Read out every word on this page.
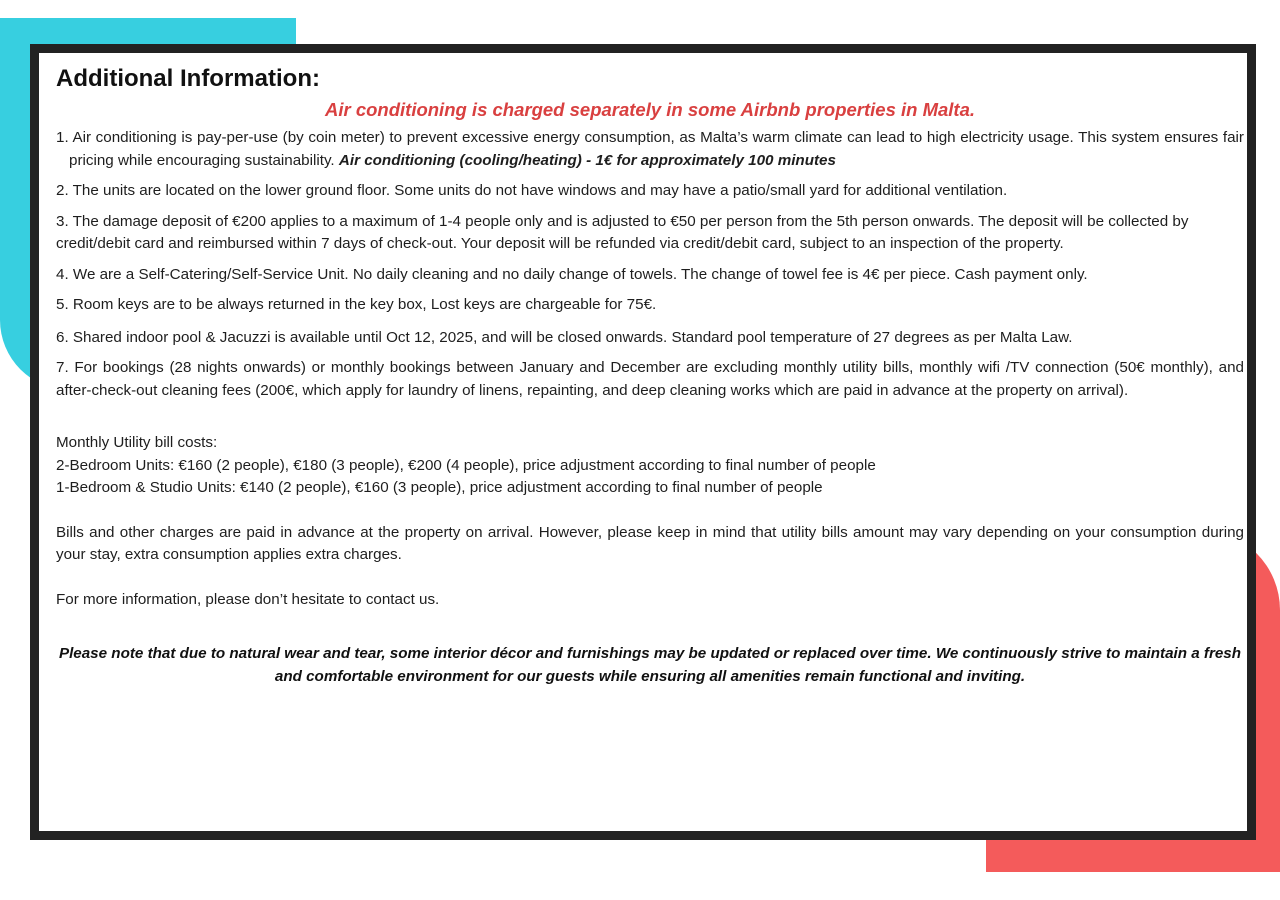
Additional Information:
Air conditioning is charged separately in some Airbnb properties in Malta.
1. Air conditioning is pay-per-use (by coin meter) to prevent excessive energy consumption, as Malta’s warm climate can lead to high electricity usage. This system ensures fair pricing while encouraging sustainability. Air conditioning (cooling/heating) - 1€ for approximately 100 minutes
2. The units are located on the lower ground floor. Some units do not have windows and may have a patio/small yard for additional ventilation.
3. The damage deposit of €200 applies to a maximum of 1-4 people only and is adjusted to €50 per person from the 5th person onwards. The deposit will be collected by credit/debit card and reimbursed within 7 days of check-out. Your deposit will be refunded via credit/debit card, subject to an inspection of the property.
4. We are a Self-Catering/Self-Service Unit. No daily cleaning and no daily change of towels. The change of towel fee is 4€ per piece. Cash payment only.
5. Room keys are to be always returned in the key box, Lost keys are chargeable for 75€.
6. Shared indoor pool & Jacuzzi is available until Oct 12, 2025, and will be closed onwards. Standard pool temperature of 27 degrees as per Malta Law.
7. For bookings (28 nights onwards) or monthly bookings between January and December are excluding monthly utility bills, monthly wifi /TV connection (50€ monthly), and after-check-out cleaning fees (200€, which apply for laundry of linens, repainting, and deep cleaning works which are paid in advance at the property on arrival).
Monthly Utility bill costs:
2-Bedroom Units: €160 (2 people), €180 (3 people), €200 (4 people), price adjustment according to final number of people
1-Bedroom & Studio Units: €140 (2 people), €160 (3 people), price adjustment according to final number of people
Bills and other charges are paid in advance at the property on arrival. However, please keep in mind that utility bills amount may vary depending on your consumption during your stay, extra consumption applies extra charges.
For more information, please don’t hesitate to contact us.
Please note that due to natural wear and tear, some interior décor and furnishings may be updated or replaced over time. We continuously strive to maintain a fresh and comfortable environment for our guests while ensuring all amenities remain functional and inviting.
